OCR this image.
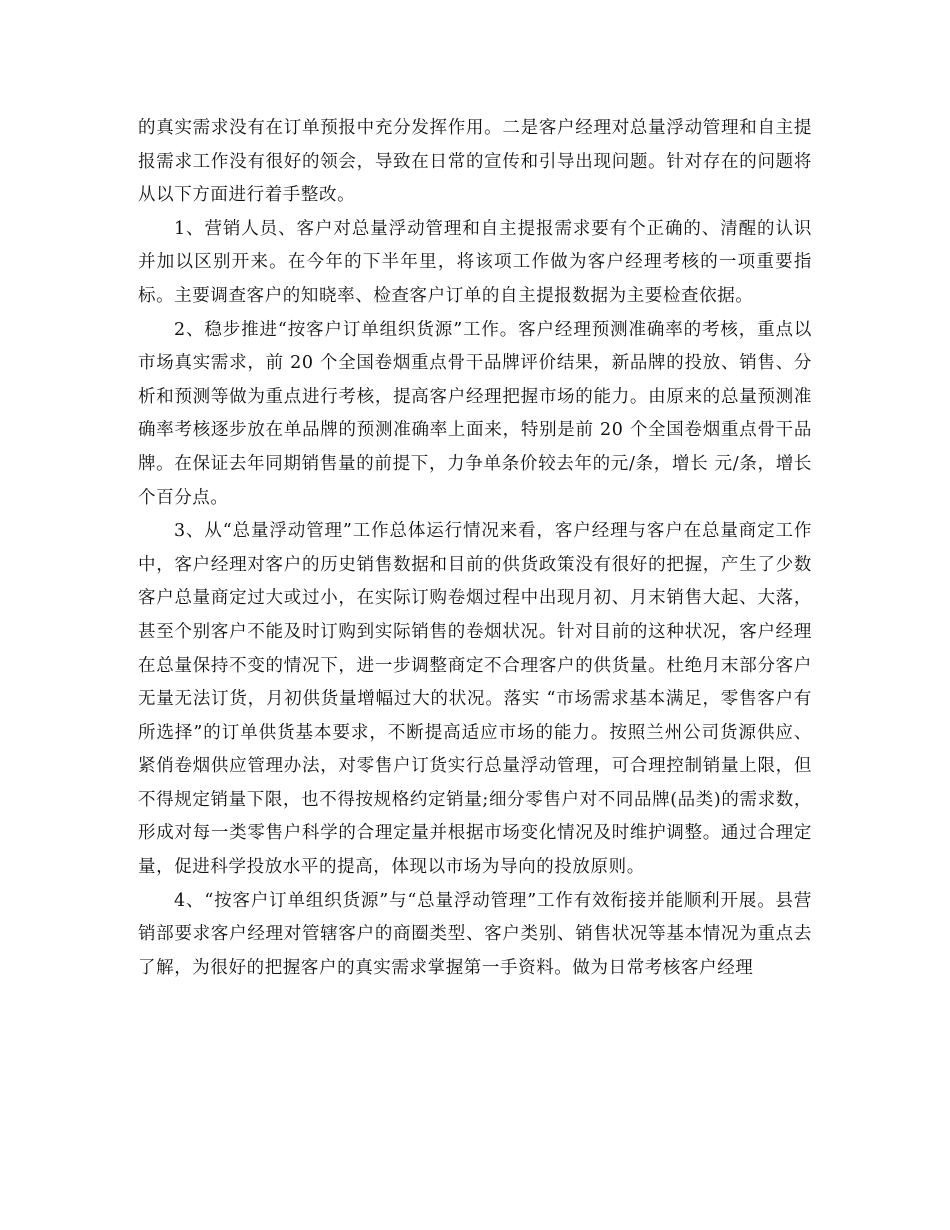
的真实需求没有在订单预报中充分发挥作用。二是客户经理对总量浮动管理和自主提报需求工作没有很好的领会，导致在日常的宣传和引导出现问题。针对存在的问题将从以下方面进行着手整改。

1、营销人员、客户对总量浮动管理和自主提报需求要有个正确的、清醒的认识并加以区别开来。在今年的下半年里，将该项工作做为客户经理考核的一项重要指标。主要调查客户的知晓率、检查客户订单的自主提报数据为主要检查依据。

2、稳步推进“按客户订单组织货源”工作。客户经理预测准确率的考核，重点以市场真实需求，前 20 个全国卷烟重点骨干品牌评价结果，新品牌的投放、销售、分析和预测等做为重点进行考核，提高客户经理把握市场的能力。由原来的总量预测准确率考核逐步放在单品牌的预测准确率上面来，特别是前 20 个全国卷烟重点骨干品牌。在保证去年同期销售量的前提下，力争单条价较去年的元/条，增长 元/条，增长个百分点。

3、从“总量浮动管理”工作总体运行情况来看，客户经理与客户在总量商定工作中，客户经理对客户的历史销售数据和目前的供货政策没有很好的把握，产生了少数客户总量商定过大或过小，在实际订购卷烟过程中出现月初、月末销售大起、大落，甚至个别客户不能及时订购到实际销售的卷烟状况。针对目前的这种状况，客户经理在总量保持不变的情况下，进一步调整商定不合理客户的供货量。杜绝月末部分客户无量无法订货，月初供货量增幅过大的状况。落实 “市场需求基本满足，零售客户有所选择”的订单供货基本要求，不断提高适应市场的能力。按照兰州公司货源供应、紧俏卷烟供应管理办法，对零售户订货实行总量浮动管理，可合理控制销量上限，但不得规定销量下限，也不得按规格约定销量;细分零售户对不同品牌(品类)的需求数，形成对每一类零售户科学的合理定量并根据市场变化情况及时维护调整。通过合理定量，促进科学投放水平的提高，体现以市场为导向的投放原则。

4、“按客户订单组织货源”与“总量浮动管理”工作有效衔接并能顺利开展。县营销部要求客户经理对管辖客户的商圈类型、客户类别、销售状况等基本情况为重点去了解，为很好的把握客户的真实需求掌握第一手资料。做为日常考核客户经理
